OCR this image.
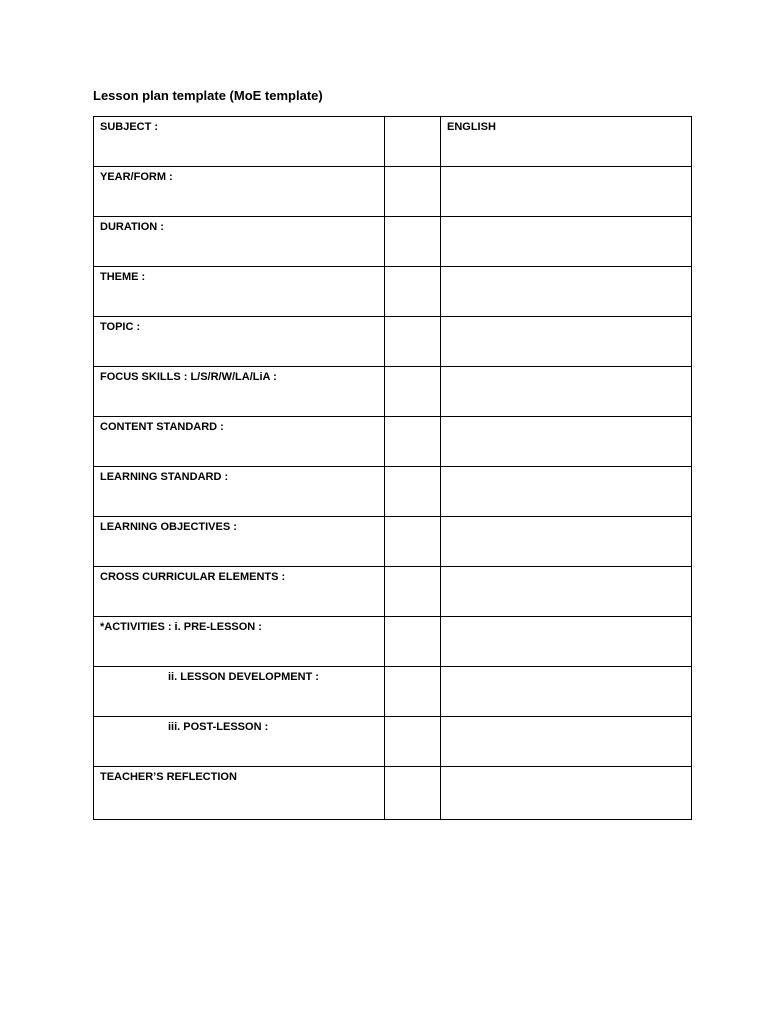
Lesson plan template (MoE template)
SUBJECT :		ENGLISH

YEAR/FORM :		

DURATION :		

THEME :		

TOPIC :		

FOCUS SKILLS : L/S/R/W/LA/LiA :		

CONTENT STANDARD :		

LEARNING STANDARD :		

LEARNING OBJECTIVES :		

CROSS CURRICULAR ELEMENTS :		

*ACTIVITIES : i. PRE-LESSON :		

ii. LESSON DEVELOPMENT :		

iii. POST-LESSON :		

TEACHER’S REFLECTION		
